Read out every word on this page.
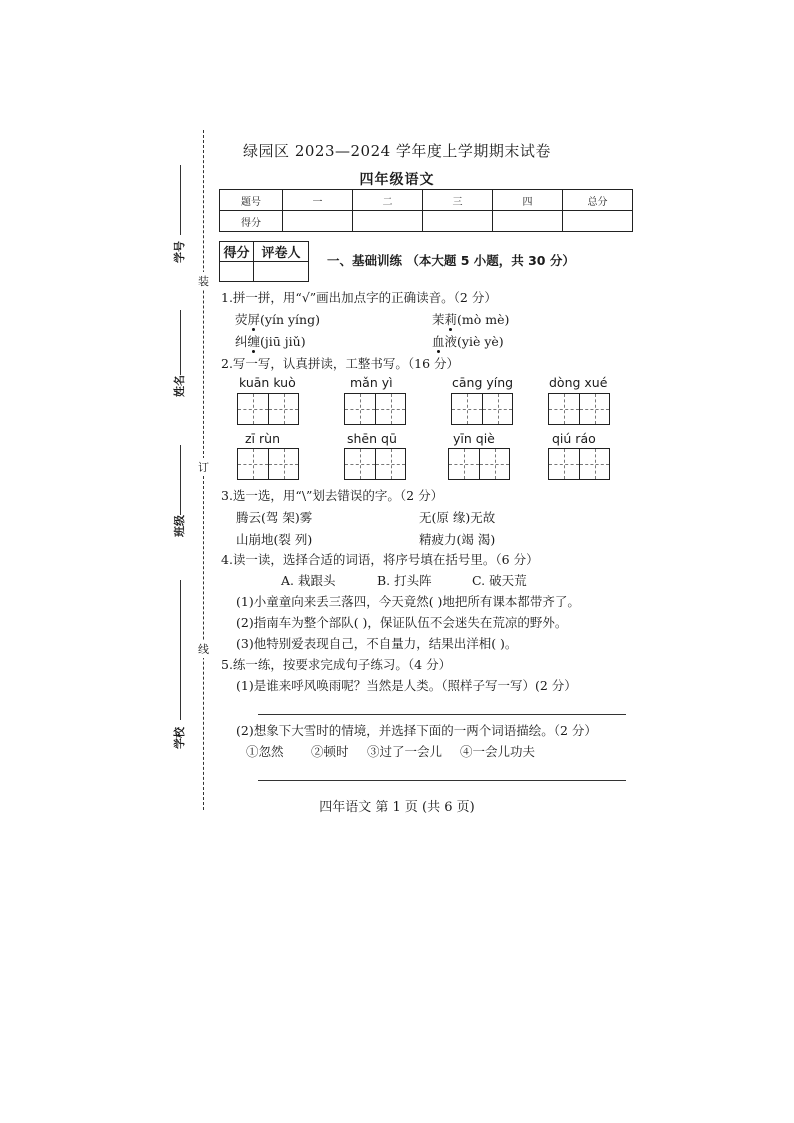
装
订
线
学号
姓名
班级
学校
绿园区 2023—2024 学年度上学期期末试卷
四年级语文
题号	一	二	三	四	总分
得分					
得分	评卷人
	一、基础训练 （本大题 5 小题，共 30 分）
1.拼一拼，用“√”画出加点字的正确读音。（2 分）
荧屏(yín yíng)	茉莉(mò mè)
纠缠(jiū jiǔ)	血液(yiè yè)
2.写一写，认真拼读，工整书写。（16 分）
kuān kuò	mǎn yì	cāng yíng	dòng xué
zī rùn	shēn qū	yīn qiè	qiú ráo
3.选一选，用“\”划去错误的字。（2 分）
腾云(驾 架)雾	无(原 缘)无故
山崩地(裂 列)	精疲力(竭 渴)
4.读一读，选择合适的词语，将序号填在括号里。（6 分）
A. 栽跟头	B. 打头阵	C. 破天荒
(1)小童童向来丢三落四，今天竟然( )地把所有课本都带齐了。
(2)指南车为整个部队( )，保证队伍不会迷失在荒凉的野外。
(3)他特别爱表现自己，不自量力，结果出洋相( )。
5.练一练，按要求完成句子练习。（4 分）
(1)是谁来呼风唤雨呢？当然是人类。（照样子写一写）(2 分）
(2)想象下大雪时的情境，并选择下面的一两个词语描绘。（2 分）
①忽然 ②顿时 ③过了一会儿 ④一会儿功夫
四年语文 第 1 页 (共 6 页)
